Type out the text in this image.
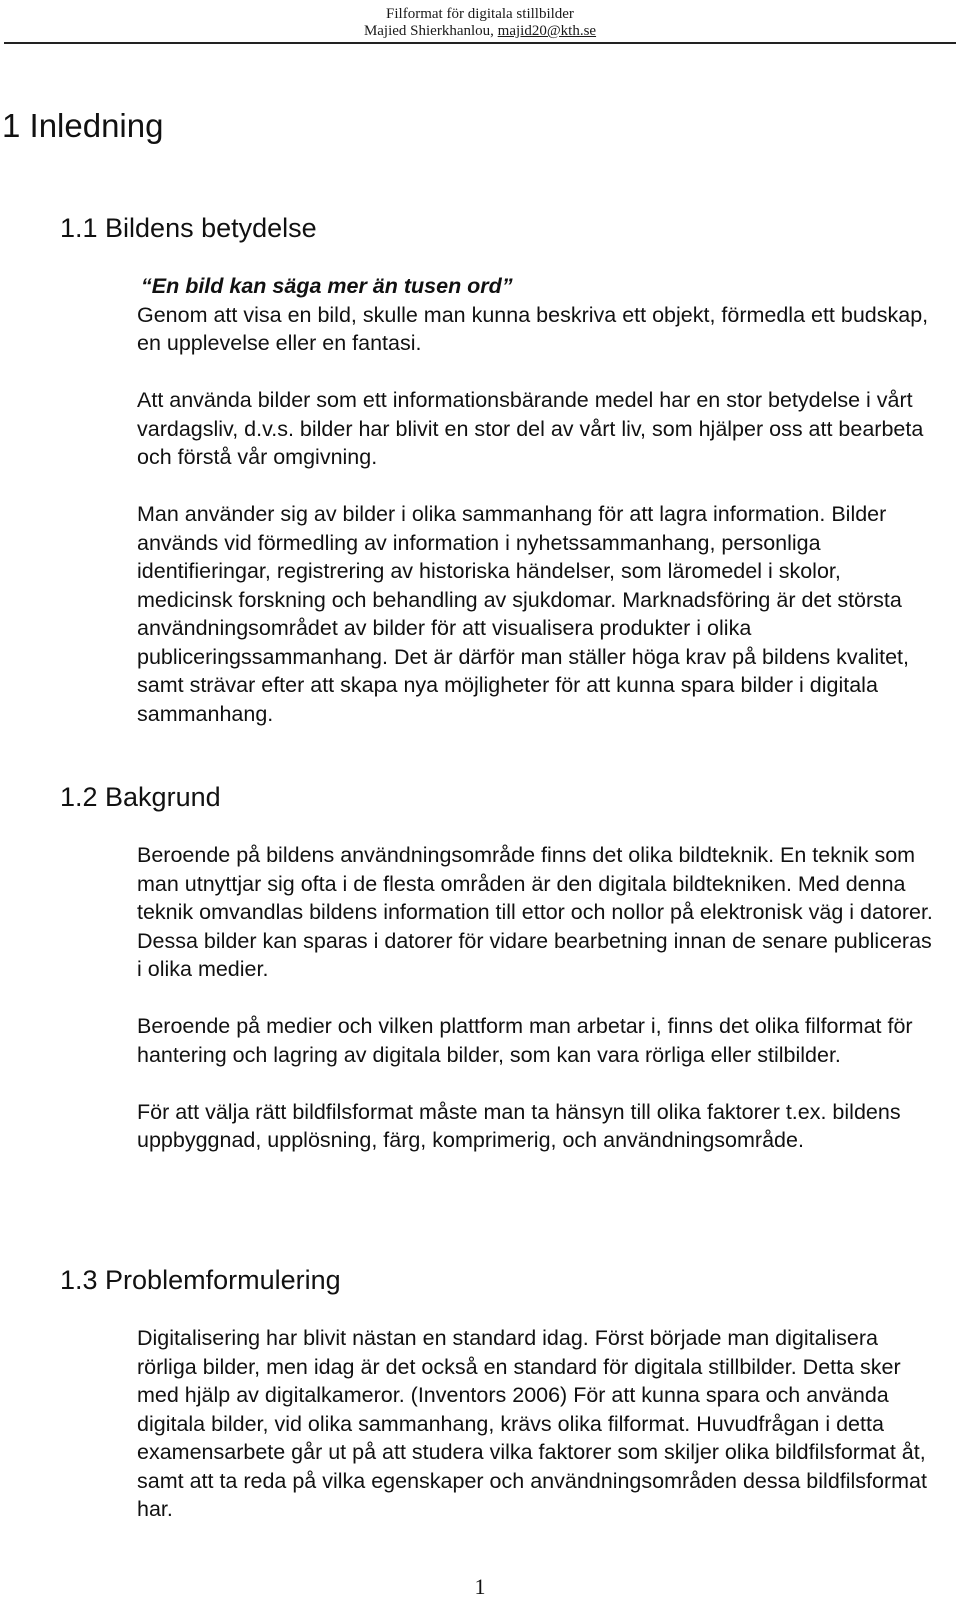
Filformat för digitala stillbilder
Majied Shierkhanlou, majid20@kth.se
1 Inledning
1.1 Bildens betydelse
“En bild kan säga mer än tusen ord”

Genom att visa en bild, skulle man kunna beskriva ett objekt, förmedla ett budskap, en upplevelse eller en fantasi.

Att använda bilder som ett informationsbärande medel har en stor betydelse i vårt vardagsliv, d.v.s. bilder har blivit en stor del av vårt liv, som hjälper oss att bearbeta och förstå vår omgivning.

Man använder sig av bilder i olika sammanhang för att lagra information. Bilder används vid förmedling av information i nyhetssammanhang, personliga identifieringar, registrering av historiska händelser, som läromedel i skolor, medicinsk forskning och behandling av sjukdomar. Marknadsföring är det största användningsområdet av bilder för att visualisera produkter i olika publiceringssammanhang. Det är därför man ställer höga krav på bildens kvalitet, samt strävar efter att skapa nya möjligheter för att kunna spara bilder i digitala sammanhang.

1.2 Bakgrund

Beroende på bildens användningsområde finns det olika bildteknik. En teknik som man utnyttjar sig ofta i de flesta områden är den digitala bildtekniken. Med denna teknik omvandlas bildens information till ettor och nollor på elektronisk väg i datorer. Dessa bilder kan sparas i datorer för vidare bearbetning innan de senare publiceras i olika medier.

Beroende på medier och vilken plattform man arbetar i, finns det olika filformat för hantering och lagring av digitala bilder, som kan vara rörliga eller stilbilder.

För att välja rätt bildfilsformat måste man ta hänsyn till olika faktorer t.ex. bildens uppbyggnad, upplösning, färg, komprimerig, och användningsområde.

1.3 Problemformulering

Digitalisering har blivit nästan en standard idag. Först började man digitalisera rörliga bilder, men idag är det också en standard för digitala stillbilder. Detta sker med hjälp av digitalkameror. (Inventors 2006) För att kunna spara och använda digitala bilder, vid olika sammanhang, krävs olika filformat. Huvudfrågan i detta examensarbete går ut på att studera vilka faktorer som skiljer olika bildfilsformat åt, samt att ta reda på vilka egenskaper och användningsområden dessa bildfilsformat har.

1
